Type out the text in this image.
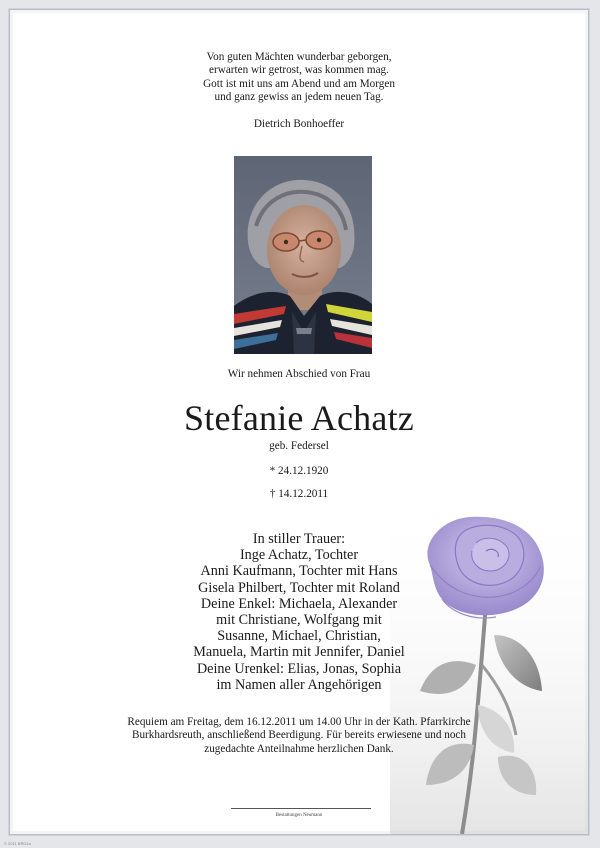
Von guten Mächten wunderbar geborgen,
erwarten wir getrost, was kommen mag.
Gott ist mit uns am Abend und am Morgen
und ganz gewiss an jedem neuen Tag.
Dietrich Bonhoeffer
Wir nehmen Abschied von Frau
Stefanie Achatz
geb. Federsel
* 24.12.1920
† 14.12.2011
In stiller Trauer:
Inge Achatz, Tochter
Anni Kaufmann, Tochter mit Hans
Gisela Philbert, Tochter mit Roland
Deine Enkel: Michaela, Alexander
mit Christiane, Wolfgang mit
Susanne, Michael, Christian,
Manuela, Martin mit Jennifer, Daniel
Deine Urenkel: Elias, Jonas, Sophia
im Namen aller Angehörigen
Requiem am Freitag, dem 16.12.2011 um 14.00 Uhr in der Kath. Pfarrkirche
Burkhardsreuth, anschließend Beerdigung. Für bereits erwiesene und noch
zugedachte Anteilnahme herzlichen Dank.
Bestattungen Neumann
© 2011 BRD1a
